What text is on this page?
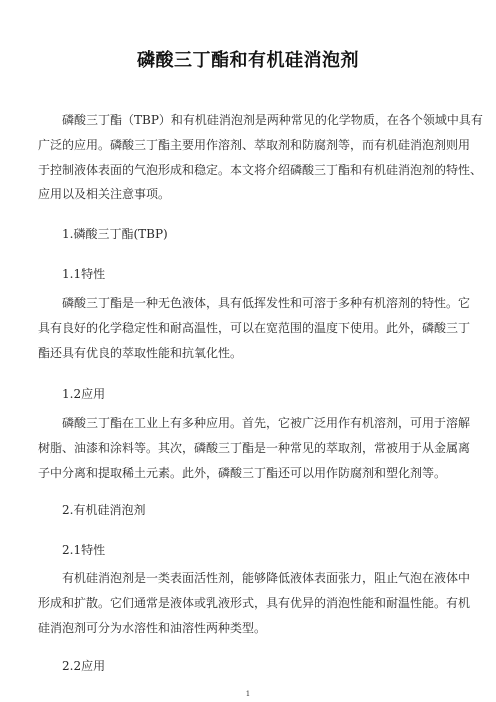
磷酸三丁酯和有机硅消泡剂
磷酸三丁酯（TBP）和有机硅消泡剂是两种常见的化学物质，在各个领域中具有
广泛的应用。磷酸三丁酯主要用作溶剂、萃取剂和防腐剂等，而有机硅消泡剂则用
于控制液体表面的气泡形成和稳定。本文将介绍磷酸三丁酯和有机硅消泡剂的特性、
应用以及相关注意事项。
1.磷酸三丁酯(TBP)
1.1特性
磷酸三丁酯是一种无色液体，具有低挥发性和可溶于多种有机溶剂的特性。它
具有良好的化学稳定性和耐高温性，可以在宽范围的温度下使用。此外，磷酸三丁
酯还具有优良的萃取性能和抗氧化性。
1.2应用
磷酸三丁酯在工业上有多种应用。首先，它被广泛用作有机溶剂，可用于溶解
树脂、油漆和涂料等。其次，磷酸三丁酯是一种常见的萃取剂，常被用于从金属离
子中分离和提取稀土元素。此外，磷酸三丁酯还可以用作防腐剂和塑化剂等。
2.有机硅消泡剂
2.1特性
有机硅消泡剂是一类表面活性剂，能够降低液体表面张力，阻止气泡在液体中
形成和扩散。它们通常是液体或乳液形式，具有优异的消泡性能和耐温性能。有机
硅消泡剂可分为水溶性和油溶性两种类型。
2.2应用
1
